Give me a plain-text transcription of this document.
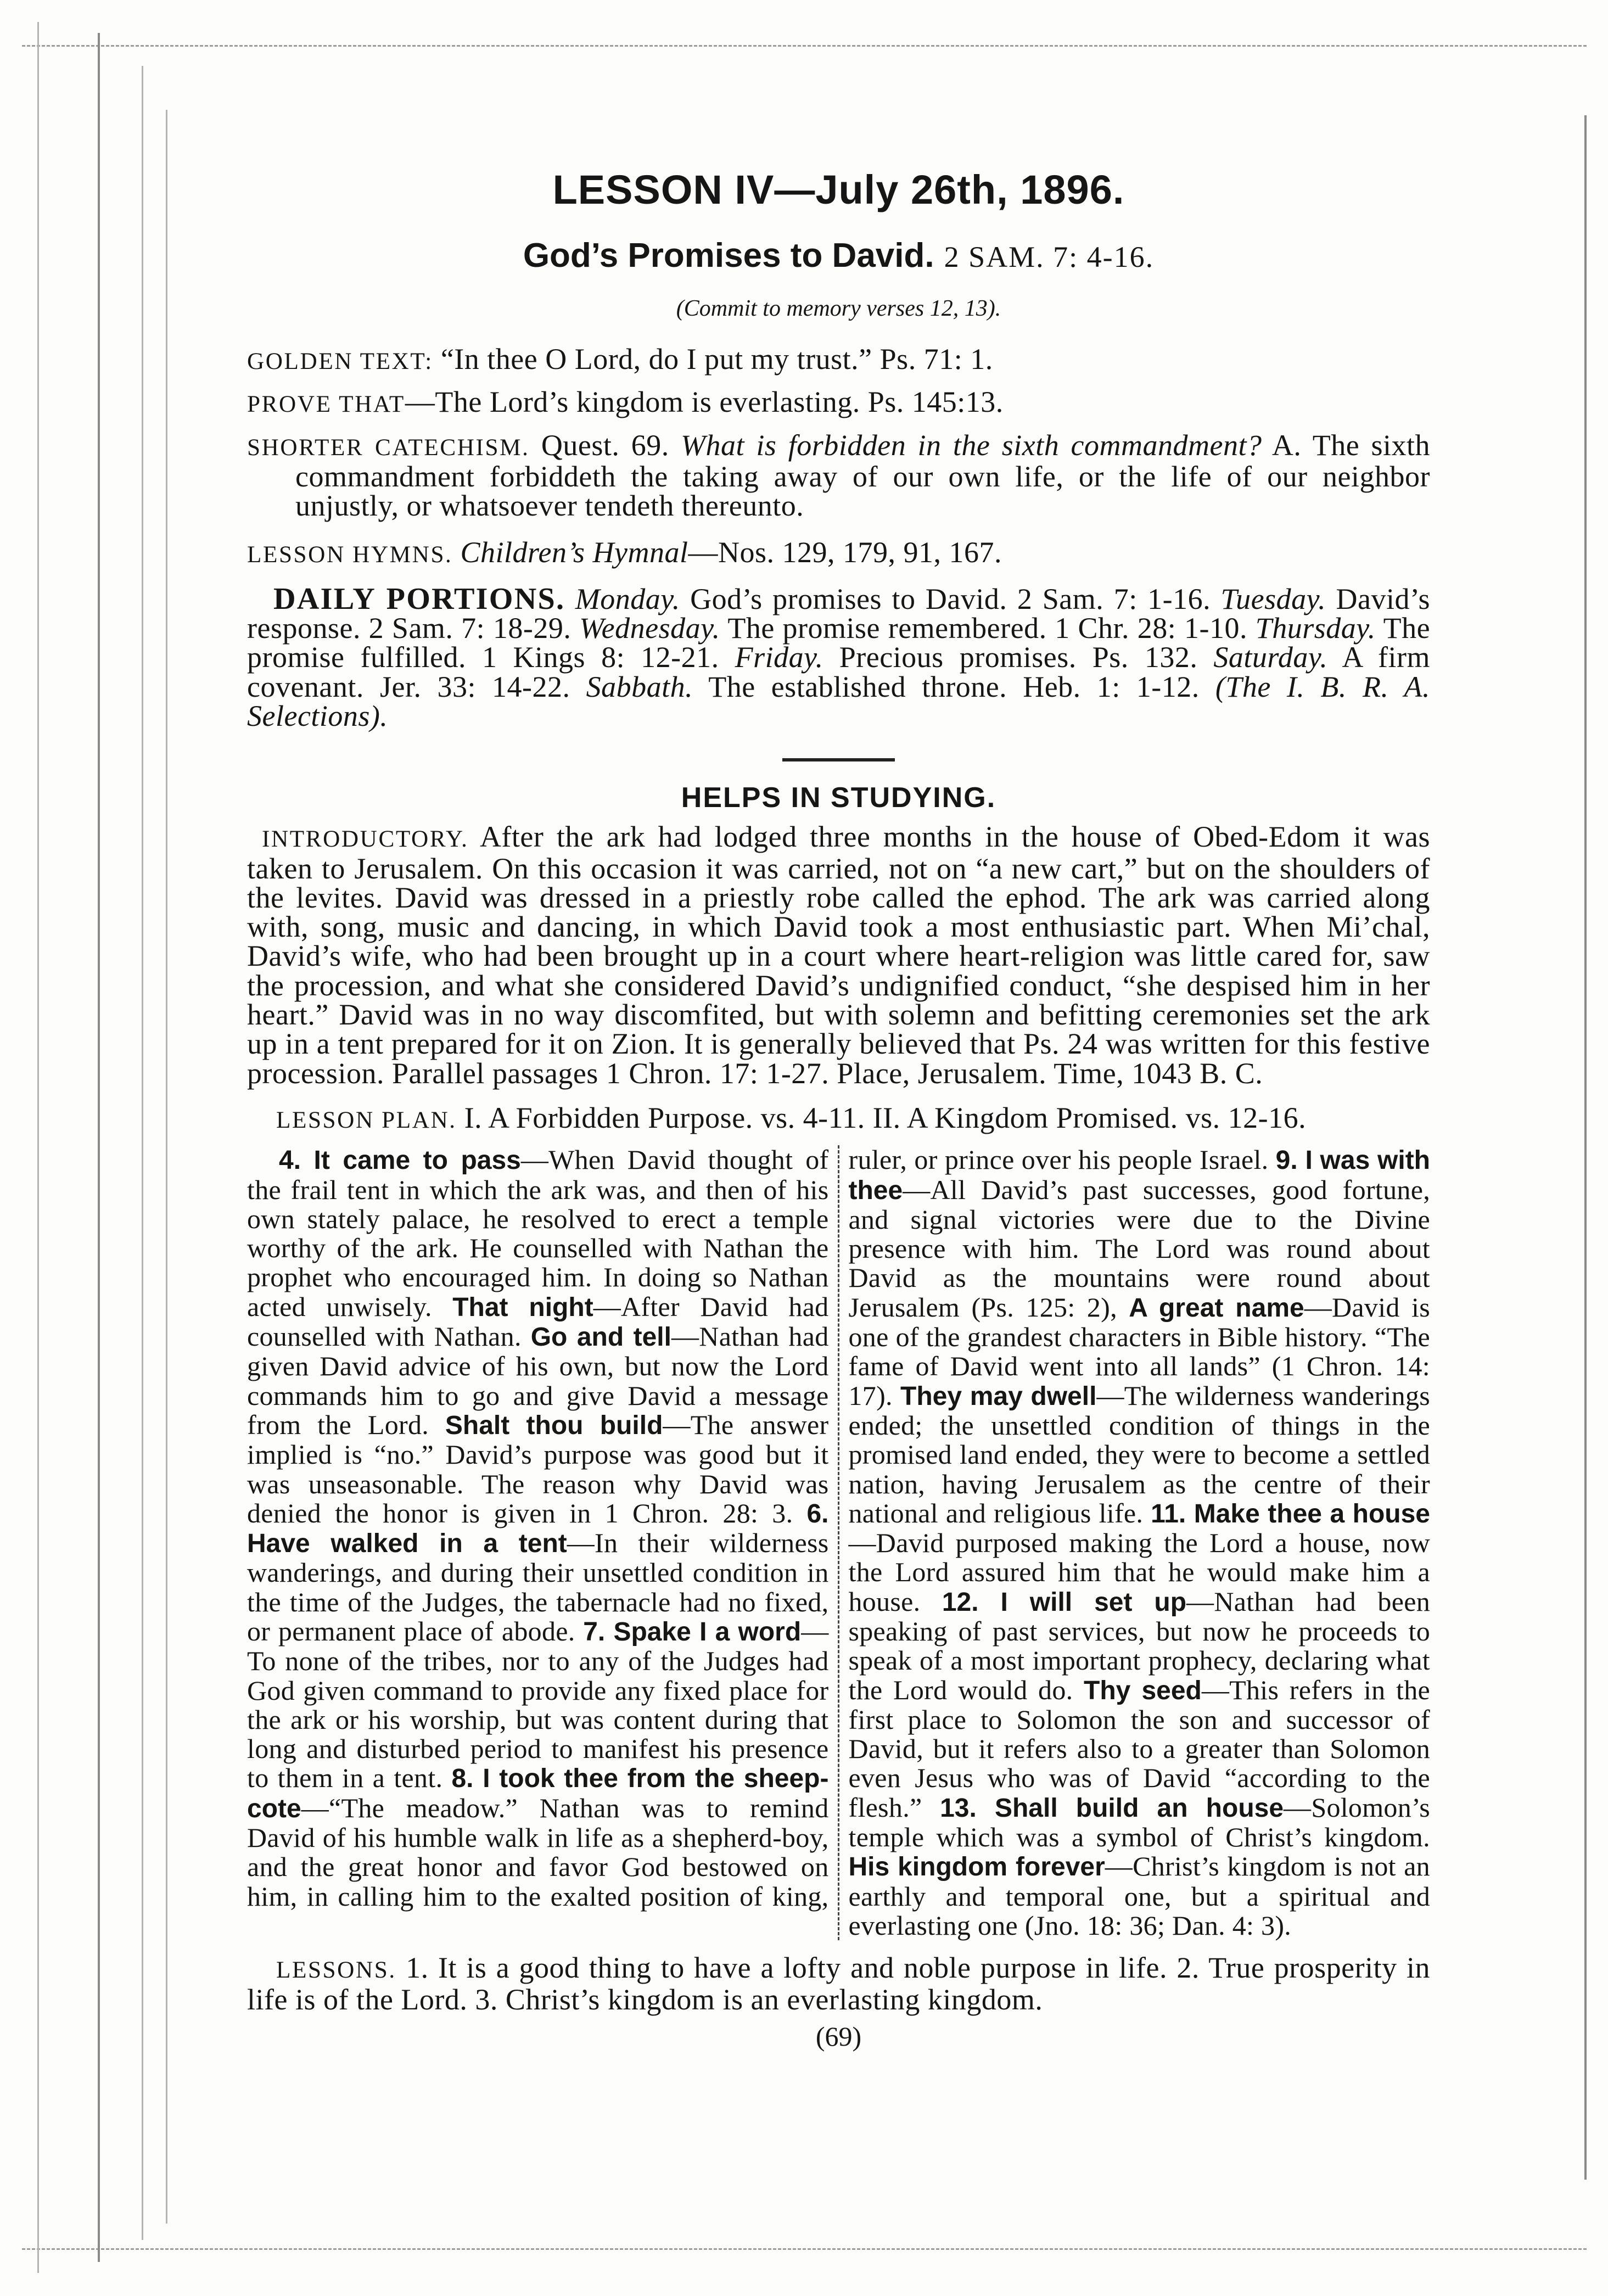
LESSON IV—July 26th, 1896.
God’s Promises to David. 2 SAM. 7: 4-16.
(Commit to memory verses 12, 13).

GOLDEN TEXT: “In thee O Lord, do I put my trust.” Ps. 71: 1.

PROVE THAT—The Lord’s kingdom is everlasting. Ps. 145:13.

SHORTER CATECHISM. Quest. 69. What is forbidden in the sixth commandment? A. The sixth commandment forbiddeth the taking away of our own life, or the life of our neighbor unjustly, or whatsoever tendeth thereunto.

LESSON HYMNS. Children’s Hymnal—Nos. 129, 179, 91, 167.

DAILY PORTIONS. Monday. God’s promises to David. 2 Sam. 7: 1-16. Tuesday. David’s response. 2 Sam. 7: 18-29. Wednesday. The promise remembered. 1 Chr. 28: 1-10. Thursday. The promise fulfilled. 1 Kings 8: 12-21. Friday. Precious promises. Ps. 132. Saturday. A firm covenant. Jer. 33: 14-22. Sabbath. The established throne. Heb. 1: 1-12. (The I. B. R. A. Selections).

HELPS IN STUDYING.

INTRODUCTORY. After the ark had lodged three months in the house of Obed-Edom it was taken to Jerusalem. On this occasion it was carried, not on “a new cart,” but on the shoulders of the levites. David was dressed in a priestly robe called the ephod. The ark was carried along with, song, music and dancing, in which David took a most enthusiastic part. When Mi’chal, David’s wife, who had been brought up in a court where heart-religion was little cared for, saw the procession, and what she considered David’s undignified conduct, “she despised him in her heart.” David was in no way discomfited, but with solemn and befitting ceremonies set the ark up in a tent prepared for it on Zion. It is generally believed that Ps. 24 was written for this festive procession. Parallel passages 1 Chron. 17: 1-27. Place, Jerusalem. Time, 1043 B. C.

LESSON PLAN. I. A Forbidden Purpose. vs. 4-11. II. A Kingdom Promised. vs. 12-16.

4. It came to pass—When David thought of the frail tent in which the ark was, and then of his own stately palace, he resolved to erect a temple worthy of the ark. He counselled with Nathan the prophet who encouraged him. In doing so Nathan acted unwisely. That night—After David had counselled with Nathan. Go and tell—Nathan had given David advice of his own, but now the Lord commands him to go and give David a message from the Lord. Shalt thou build—The answer implied is “no.” David’s purpose was good but it was unseasonable. The reason why David was denied the honor is given in 1 Chron. 28: 3. 6. Have walked in a tent—In their wilderness wanderings, and during their unsettled condition in the time of the Judges, the tabernacle had no fixed, or permanent place of abode. 7. Spake I a word—To none of the tribes, nor to any of the Judges had God given command to provide any fixed place for the ark or his worship, but was content during that long and disturbed period to manifest his presence to them in a tent. 8. I took thee from the sheep-cote—“The meadow.” Nathan was to remind David of his humble walk in life as a shepherd-boy, and the great honor and favor God bestowed on him, in calling him to the exalted position of king, ruler, or prince over his people Israel. 9. I was with thee—All David’s past successes, good fortune, and signal victories were due to the Divine presence with him. The Lord was round about David as the mountains were round about Jerusalem (Ps. 125: 2), A great name—David is one of the grandest characters in Bible history. “The fame of David went into all lands” (1 Chron. 14: 17). They may dwell—The wilderness wanderings ended; the unsettled condition of things in the promised land ended, they were to become a settled nation, having Jerusalem as the centre of their national and religious life. 11. Make thee a house—David purposed making the Lord a house, now the Lord assured him that he would make him a house. 12. I will set up—Nathan had been speaking of past services, but now he proceeds to speak of a most important prophecy, declaring what the Lord would do. Thy seed—This refers in the first place to Solomon the son and successor of David, but it refers also to a greater than Solomon even Jesus who was of David “according to the flesh.” 13. Shall build an house—Solomon’s temple which was a symbol of Christ’s kingdom. His kingdom forever—Christ’s kingdom is not an earthly and temporal one, but a spiritual and everlasting one (Jno. 18: 36; Dan. 4: 3).

LESSONS. 1. It is a good thing to have a lofty and noble purpose in life. 2. True prosperity in life is of the Lord. 3. Christ’s kingdom is an everlasting kingdom.

(69)
